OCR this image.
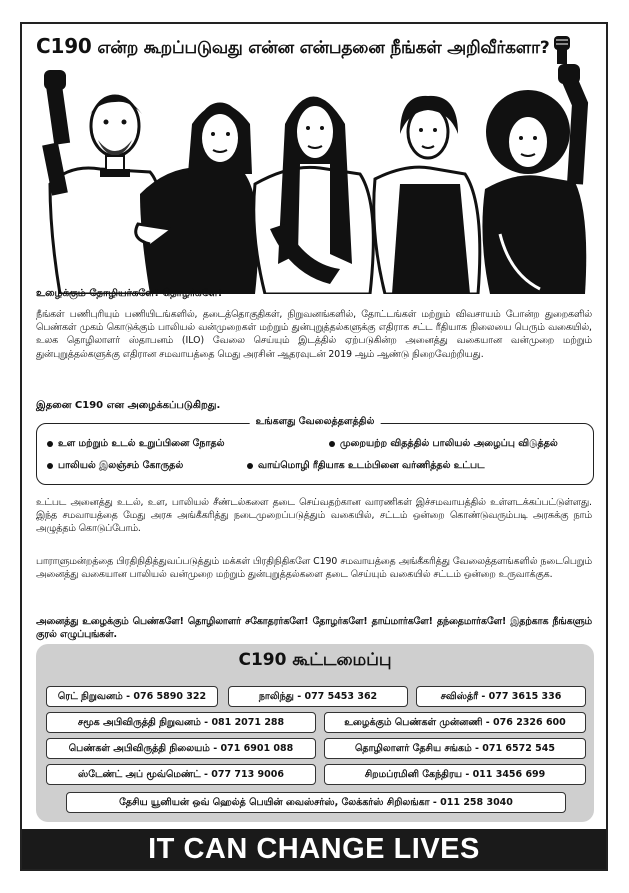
C190 என்ற கூறப்படுவது என்ன என்பதனை நீங்கள் அறிவீர்களா?
உழைக்கும் தோழியர்களே! தொழர்களே!
நீங்கள் பணிபுரியும் பணியிடங்களில், தடைத்தொகுதிகள், நிறுவனங்களில், தோட்டங்கள் மற்றும் விவசாயம் போன்ற துறைகளில் பெண்கள் முகம் கொடுக்கும் பாலியல் வன்முறைகள் மற்றும் துன்புறுத்தல்களுக்கு எதிராக சட்ட ரீதியாக நிலையை பெரும் வகையில், உலக தொழிலாளர் ஸ்தாபனம் (ILO) வேலை செய்யும் இடத்தில் ஏற்படுகின்ற அனைத்து வகையான வன்முறை மற்றும் துன்புறுத்தல்களுக்கு எதிரான சமவாயத்தை மெது அரசின் ஆதரவுடன் 2019 ஆம் ஆண்டு நிறைவேற்றியது.
இதனை C190 என அழைக்கப்படுகிறது.
உங்களது வேலைத்தளத்தில்
உள மற்றும் உடல் உறுப்பினை நோதல்	முறையற்ற விதத்தில் பாலியல் அழைப்பு விடுத்தல்
பாலியல் இலஞ்சம் கோருதல்	வாய்மொழி ரீதியாக உடம்பினை வர்ணித்தல் உட்பட
உட்பட அனைத்து உடல், உள, பாலியல் சீண்டல்களை தடை செய்வதற்கான வாரணிகள் இச்சமவாயத்தில் உள்ளடக்கப்பட்டுள்ளது. இந்த சமவாயத்தை மேது அரசு அங்கீகரித்து நடைமுறைப்படுத்தும் வகையில், சட்டம் ஒன்றை கொண்டுவரும்படி அரசுக்கு நாம் அழுத்தம் கொடுப்போம்.
பாராளுமன்றத்தை பிரதிநிதித்துவப்படுத்தும் மக்கள் பிரதிநிதிகளே C190 சமவாயத்தை அங்கீகரித்து வேலைத்தளங்களில் நடைபெறும் அனைத்து வகையான பாலியல் வன்முறை மற்றும் துன்புறுத்தல்களை தடை செய்யும் வகையில் சட்டம் ஒன்றை உருவாக்குக.
அனைத்து உழைக்கும் பெண்களே! தொழிலாளர் சகோதரர்களே! தோழர்களே! தாய்மார்களே! தந்தைமார்களே! இதற்காக நீங்களும் குரல் எழுப்புங்கள்.
C190 கூட்டமைப்பு
ரெட் நிறுவனம் - 076 5890 322	நாலிந்து - 077 5453 362	சவிஸ்த்ரீ - 077 3615 336
சமூக அபிவிருத்தி நிறுவனம் - 081 2071 288	உழைக்கும் பெண்கள் முன்னணி - 076 2326 600
பெண்கள் அபிவிருத்தி நிலையம் - 071 6901 088	தொழிலாளர் தேசிய சங்கம் - 071 6572 545
ஸ்டேண்ட் அப் மூவ்மெண்ட் - 077 713 9006	சிறமப்ரமினி கேந்திரய - 011 3456 699
தேசிய யூனியன் ஒவ் ஹெல்த் பெயின் வைஸ்சர்ஸ், லேக்கர்ஸ் சிறிலங்கா - 011 258 3040
IT CAN CHANGE LIVES
